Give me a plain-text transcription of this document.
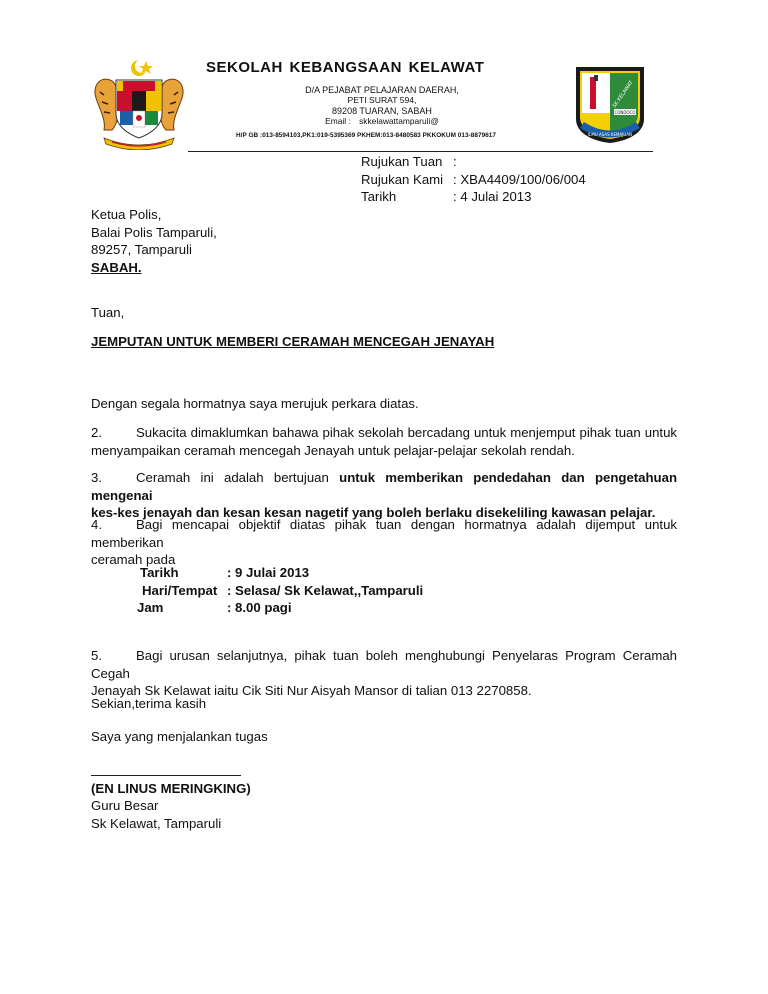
SEKOLAH KEBANGSAAN KELAWAT
D/A PEJABAT PELAJARAN DAERAH,
PETI SURAT 594,
89208 TUARAN, SABAH
Email : skkelawattamparuli@
H/P GB :013-8594103,PK1:019-5395369 PKHEM:013-8480583 PKKOKUM 013-8879617
SK KELAWAT
CONDOCO
ILMU ASAS KEMAJUAN
Rujukan Tuan :
Rujukan Kami : XBA4409/100/06/004
Tarikh	: 4 Julai 2013
Ketua Polis,
Balai Polis Tamparuli,
89257, Tamparuli
SABAH.
Tuan,
JEMPUTAN UNTUK MEMBERI CERAMAH MENCEGAH JENAYAH
Dengan segala hormatnya saya merujuk perkara diatas.
2.	Sukacita dimaklumkan bahawa pihak sekolah bercadang untuk menjemput pihak tuan untuk
menyampaikan ceramah mencegah Jenayah untuk pelajar-pelajar sekolah rendah.
3.	Ceramah ini adalah bertujuan untuk memberikan pendedahan dan pengetahuan mengenai
kes-kes jenayah dan kesan kesan nagetif yang boleh berlaku disekeliling kawasan pelajar.
4.	Bagi mencapai objektif diatas pihak tuan dengan hormatnya adalah dijemput untuk memberikan
ceramah pada
Tarikh	: 9 Julai 2013
Hari/Tempat : Selasa/ Sk Kelawat,,Tamparuli
Jam	: 8.00 pagi
5.	Bagi urusan selanjutnya, pihak tuan boleh menghubungi Penyelaras Program Ceramah Cegah
Jenayah Sk Kelawat iaitu Cik Siti Nur Aisyah Mansor di talian 013 2270858.
Sekian,terima kasih
Saya yang menjalankan tugas
(EN LINUS MERINGKING)
Guru Besar
Sk Kelawat, Tamparuli
